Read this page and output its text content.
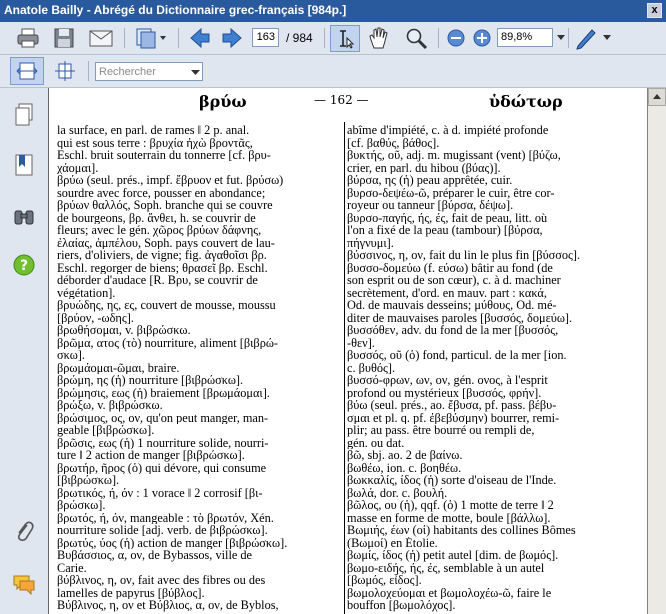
Anatole Bailly - Abrégé du Dictionnaire grec-français [984p.]	x
163 / 984	89,8%
Rechercher
?
βρύω	— 162 —	ὑδώτωρ
la surface, en parl. de rames ‖ 2 p. anal.
qui est sous terre : βρυχία ἠχὼ βροντᾶς,
Eschl. bruit souterrain du tonnerre [cf. βρυ-
χάομαι].
βρύω (seul. prés., impf. ἔβρυον et fut. βρύσω)
sourdre avec force, pousser en abondance;
βρύων θαλλός, Soph. branche qui se couvre
de bourgeons, βρ. ἄνθει, h. se couvrir de
fleurs; avec le gén. χῶρος βρύων δάφνης,
ἐλαίας, ἀμπέλου, Soph. pays couvert de lau-
riers, d'oliviers, de vigne; fig. ἀγαθοῖσι βρ.
Eschl. regorger de biens; θρασεῖ βρ. Eschl.
déborder d'audace [R. Βρυ, se couvrir de
végétation].
βρυώδης, ης, ες, couvert de mousse, moussu
[βρύον, -ωδης].
βρωθήσομαι, v. βιβρώσκω.
βρῶμα, ατος (τὸ) nourriture, aliment [βιβρώ-
σκω].
βρωμάομαι-ῶμαι, braire.
βρώμη, ης (ἡ) nourriture [βιβρώσκω].
βρώμησις, εως (ἡ) braiement [βρωμάομαι].
βρώξω, v. βιβρώσκω.
βρώσιμος, ος, ον, qu'on peut manger, man-
geable [βιβρώσκω].
βρῶσις, εως (ἡ) 1 nourriture solide, nourri-
ture ‖ 2 action de manger [βιβρώσκω].
βρωτήρ, ῆρος (ὁ) qui dévore, qui consume
[βιβρώσκω].
βρωτικός, ή, όν : 1 vorace ‖ 2 corrosif [βι-
βρώσκω].
βρωτός, ή, όν, mangeable : τὸ βρωτόν, Xén.
nourriture solide [adj. verb. de βιβρώσκω].
βρωτύς, ύος (ἡ) action de manger [βιβρώσκω].
Βυβάσσιος, α, ον, de Bybassos, ville de
Carie.
βύβλινος, η, ον, fait avec des fibres ou des
lamelles de papyrus [βύβλος].
Βύβλινος, η, ον et Βύβλιος, α, ον, de Byblos,
abîme d'impiété, c. à d. impiété profonde
[cf. βαθύς, βάθος].
βυκτής, οῦ, adj. m. mugissant (vent) [βύζω,
crier, en parl. du hibou (βύας)].
βύρσα, ης (ἡ) peau apprêtée, cuir.
βυρσο-δεψέω-ῶ, préparer le cuir, être cor-
royeur ou tanneur [βύρσα, δέψω].
βυρσο-παγής, ής, ές, fait de peau, litt. où
l'on a fixé de la peau (tambour) [βύρσα,
πήγνυμι].
βύσσινος, η, ον, fait du lin le plus fin [βύσσος].
βυσσο-δομεύω (f. εύσω) bâtir au fond (de
son esprit ou de son cœur), c. à d. machiner
secrètement, d'ord. en mauv. part : κακά,
Od. de mauvais desseins; μύθους, Od. mé-
diter de mauvaises paroles [βυσσός, δομεύω].
βυσσόθεν, adv. du fond de la mer [βυσσός,
-θεν].
βυσσός, οῦ (ὁ) fond, particul. de la mer [ion.
c. βυθός].
βυσσό-φρων, ων, ον, gén. ονος, à l'esprit
profond ou mystérieux [βυσσός, φρήν].
βύω (seul. prés., ao. ἔβυσα, pf. pass. βέβυ-
σμαι et pl. q. pf. ἐβεβύσμην) bourrer, remi-
plir; au pass. être bourré ou rempli de,
gén. ou dat.
βῶ, sbj. ao. 2 de βαίνω.
βωθέω, ion. c. βοηθέω.
βωκκαλίς, ίδος (ἡ) sorte d'oiseau de l'Inde.
βωλά, dor. c. βουλή.
βῶλος, ου (ἡ), qqf. (ὁ) 1 motte de terre ‖ 2
masse en forme de motte, boule [βάλλω].
Βωμιής, έων (οἱ) habitants des collines Bômes
(Βωμοί) en Étolie.
βωμίς, ίδος (ἡ) petit autel [dim. de βωμός].
βωμο-ειδής, ής, ές, semblable à un autel
[βωμός, εἶδος].
βωμολοχεύομαι et βωμολοχέω-ῶ, faire le
bouffon [βωμολόχος].
